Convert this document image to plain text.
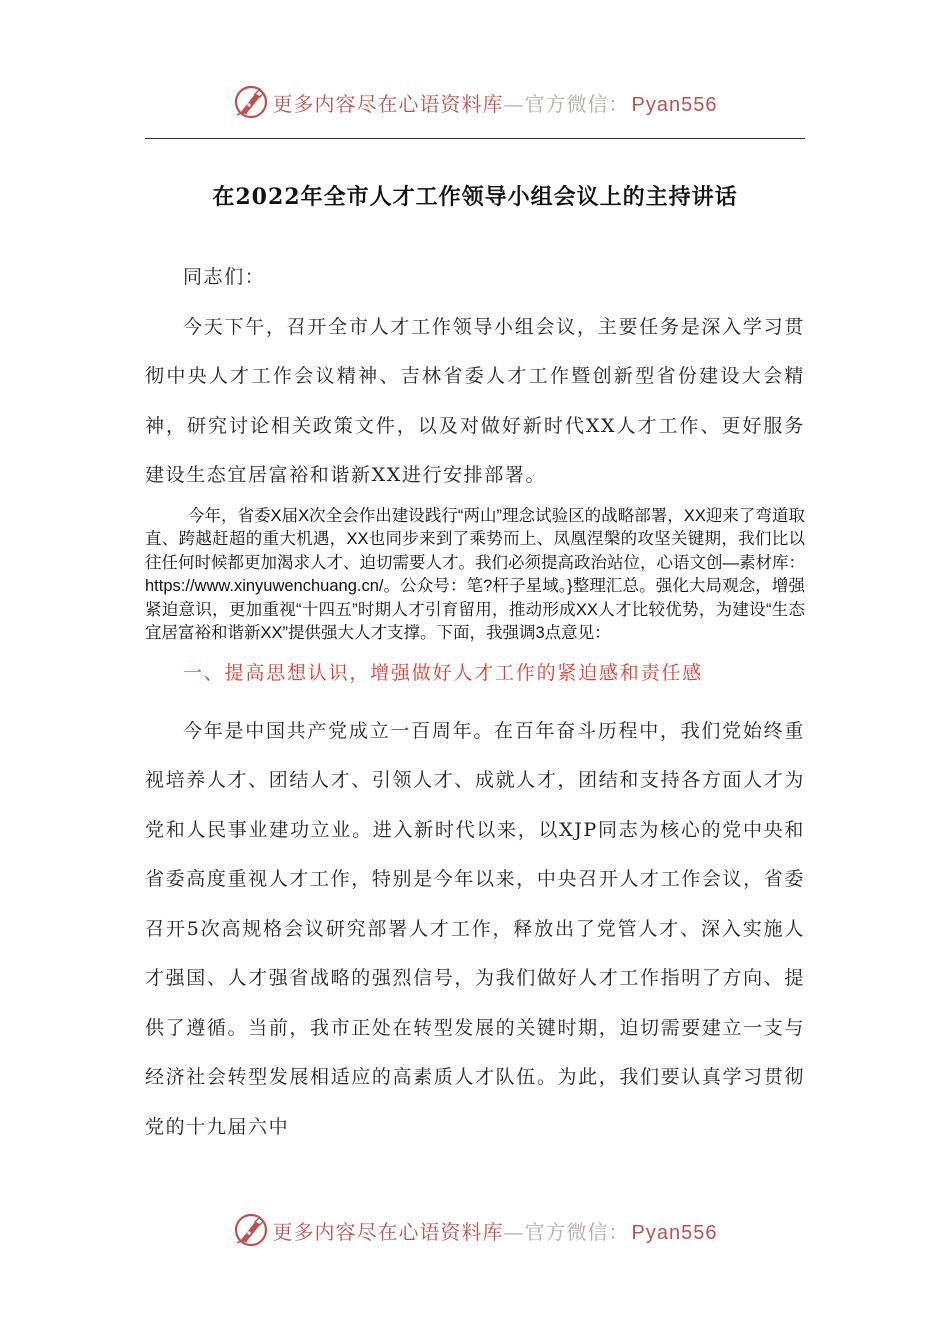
更多内容尽在心语资料库—官方微信： Pyan556
在2022年全市人才工作领导小组会议上的主持讲话

同志们：

今天下午，召开全市人才工作领导小组会议，主要任务是深入学习贯彻中央人才工作会议精神、吉林省委人才工作暨创新型省份建设大会精神，研究讨论相关政策文件，以及对做好新时代XX人才工作、更好服务建设生态宜居富裕和谐新XX进行安排部署。

今年，省委X届X次全会作出建设践行“两山”理念试验区的战略部署，XX迎来了弯道取直、跨越赶超的重大机遇，XX也同步来到了乘势而上、凤凰涅槃的攻坚关键期，我们比以往任何时候都更加渴求人才、迫切需要人才。我们必须提高政治站位，心语文创—素材库：https://www.xinyuwenchuang.cn/。公众号：笔?杆子星域。}整理汇总。强化大局观念，增强紧迫意识，更加重视“十四五”时期人才引育留用，推动形成XX人才比较优势，为建设“生态宜居富裕和谐新XX”提供强大人才支撑。下面，我强调3点意见：

一、提高思想认识，增强做好人才工作的紧迫感和责任感

今年是中国共产党成立一百周年。在百年奋斗历程中，我们党始终重视培养人才、团结人才、引领人才、成就人才，团结和支持各方面人才为党和人民事业建功立业。进入新时代以来，以XJP同志为核心的党中央和省委高度重视人才工作，特别是今年以来，中央召开人才工作会议，省委召开5次高规格会议研究部署人才工作，释放出了党管人才、深入实施人才强国、人才强省战略的强烈信号，为我们做好人才工作指明了方向、提供了遵循。当前，我市正处在转型发展的关键时期，迫切需要建立一支与经济社会转型发展相适应的高素质人才队伍。为此，我们要认真学习贯彻党的十九届六中

更多内容尽在心语资料库—官方微信： Pyan556
